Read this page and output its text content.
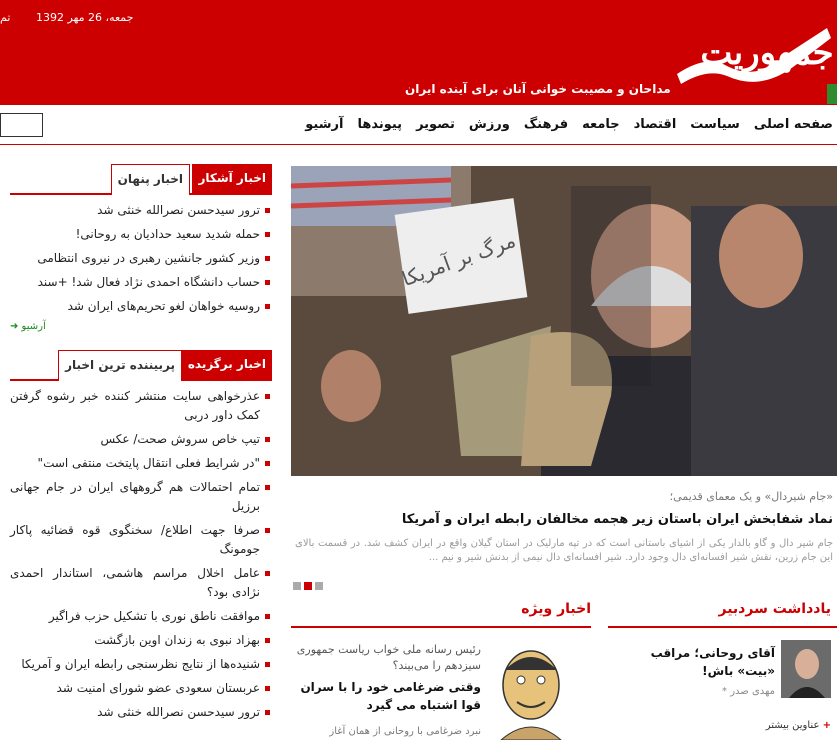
تم جمعه، 26 مهر 1392
مداحان و مصیبت خوانی آنان برای آینده ایران
جمهوریت
صفحه اصلی
سیاست
اقتصاد
جامعه
فرهنگ
ورزش
تصویر
پیوندها
آرشیو
اخبار آشکار
اخبار پنهان
ترور سیدحسن نصرالله خنثی شد
حمله شدید سعید حدادیان به روحانی!
وزیر کشور جانشین رهبری در نیروی انتظامی
حساب دانشگاه احمدی نژاد فعال شد! +سند
روسیه خواهان لغو تحریم‌های ایران شد
آرشیو ➜
اخبار برگزیده
پربیننده ترین اخبار
عذرخواهی سایت منتشر کننده خبر رشوه گرفتن کمک داور دربی
تیپ خاص سروش صحت/ عکس
"در شرایط فعلی انتقال پایتخت منتفی است"
تمام احتمالات هم گروههای ایران در جام جهانی برزیل
صرفا جهت اطلاع/ سخنگوی قوه قضائیه پاکار جومونگ
عامل اخلال مراسم هاشمی، استاندار احمدی نژادی بود؟
موافقت ناطق نوری با تشکیل حزب فراگیر
بهزاد نبوی به زندان اوین بازگشت
شنیده‌ها از نتایج نظرسنجی رابطه ایران و آمریکا
عربستان سعودی عضو شورای امنیت شد
ترور سیدحسن نصرالله خنثی شد
مرگ بر آمریکا
«جام شیردال» و یک معمای قدیمی؛
نماد شفابخش ایران باستان زیر هجمه مخالفان رابطه ایران و آمریکا
جام شیر دال و گاو بالدار یکی از اشیای باستانی است که در تپه مارلیک در استان گیلان واقع در ایران کشف شد. در قسمت بالای این جام زرین، نقش شیر افسانه‌ای دال وجود دارد. شیر افسانه‌ای دال نیمی از بدنش شیر و نیم ...
یادداشت سردبیر
اخبار ویژه
آقای روحانی؛ مراقب «بیت» باش!
مهدی صدر *
+ عناوین بیشتر
رئیس رسانه ملی خواب ریاست جمهوری سیزدهم را می‌بیند؟
وقتی ضرغامی خود را با سران قوا اشتباه می گیرد
نبرد ضرغامی با روحانی از همان آغاز
